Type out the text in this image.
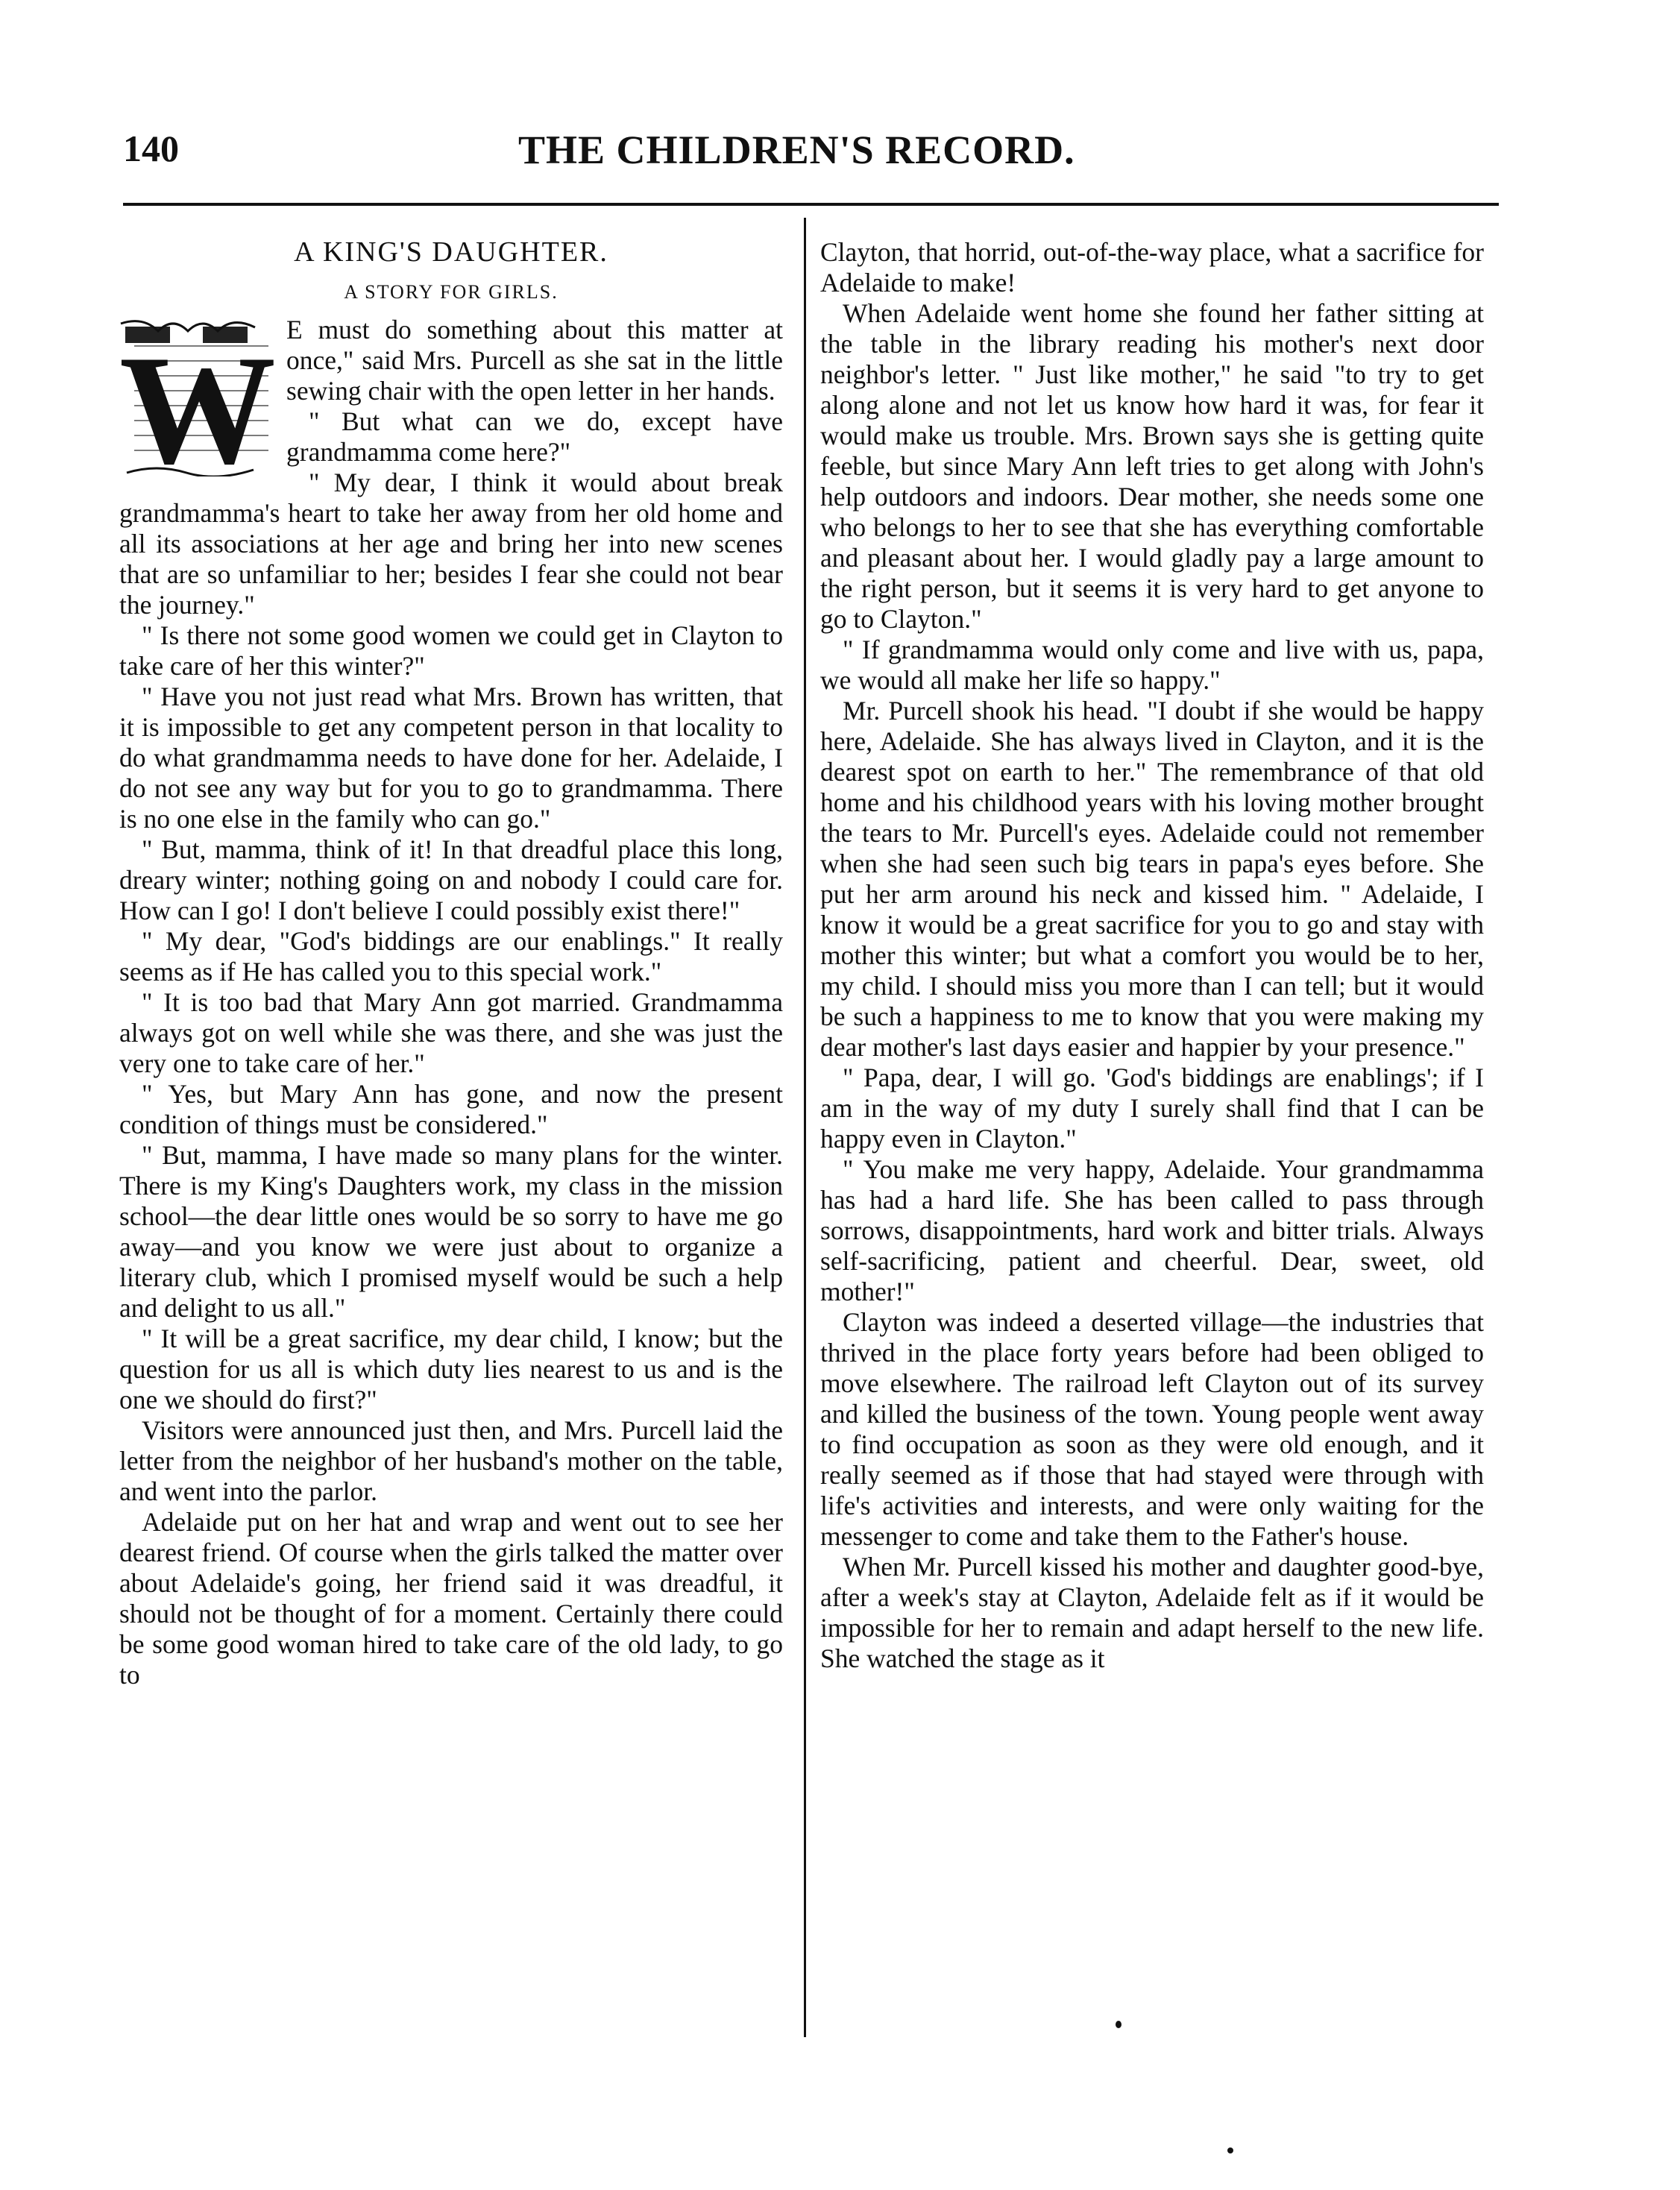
140	THE CHILDREN'S RECORD.
A KING'S DAUGHTER.
A STORY FOR GIRLS.
W E must do something about this matter at once," said Mrs. Purcell as she sat in the little sewing chair with the open letter in her hands.

" But what can we do, except have grandmamma come here?"

" My dear, I think it would about break grandmamma's heart to take her away from her old home and all its associations at her age and bring her into new scenes that are so unfamiliar to her; besides I fear she could not bear the journey."

" Is there not some good women we could get in Clayton to take care of her this winter?"

" Have you not just read what Mrs. Brown has written, that it is impossible to get any competent person in that locality to do what grandmamma needs to have done for her. Adelaide, I do not see any way but for you to go to grandmamma. There is no one else in the family who can go."

" But, mamma, think of it! In that dreadful place this long, dreary winter; nothing going on and nobody I could care for. How can I go! I don't believe I could possibly exist there!"

" My dear, "God's biddings are our enablings." It really seems as if He has called you to this special work."

" It is too bad that Mary Ann got married. Grandmamma always got on well while she was there, and she was just the very one to take care of her."

" Yes, but Mary Ann has gone, and now the present condition of things must be considered."

" But, mamma, I have made so many plans for the winter. There is my King's Daughters work, my class in the mission school—the dear little ones would be so sorry to have me go away—and you know we were just about to organize a literary club, which I promised myself would be such a help and delight to us all."

" It will be a great sacrifice, my dear child, I know; but the question for us all is which duty lies nearest to us and is the one we should do first?"

Visitors were announced just then, and Mrs. Purcell laid the letter from the neighbor of her husband's mother on the table, and went into the parlor.

Adelaide put on her hat and wrap and went out to see her dearest friend. Of course when the girls talked the matter over about Adelaide's going, her friend said it was dreadful, it should not be thought of for a moment. Certainly there could be some good woman hired to take care of the old lady, to go to

Clayton, that horrid, out-of-the-way place, what a sacrifice for Adelaide to make!

When Adelaide went home she found her father sitting at the table in the library reading his mother's next door neighbor's letter. " Just like mother," he said "to try to get along alone and not let us know how hard it was, for fear it would make us trouble. Mrs. Brown says she is getting quite feeble, but since Mary Ann left tries to get along with John's help outdoors and indoors. Dear mother, she needs some one who belongs to her to see that she has everything comfortable and pleasant about her. I would gladly pay a large amount to the right person, but it seems it is very hard to get anyone to go to Clayton."

" If grandmamma would only come and live with us, papa, we would all make her life so happy."

Mr. Purcell shook his head. "I doubt if she would be happy here, Adelaide. She has always lived in Clayton, and it is the dearest spot on earth to her." The remembrance of that old home and his childhood years with his loving mother brought the tears to Mr. Purcell's eyes. Adelaide could not remember when she had seen such big tears in papa's eyes before. She put her arm around his neck and kissed him. " Adelaide, I know it would be a great sacrifice for you to go and stay with mother this winter; but what a comfort you would be to her, my child. I should miss you more than I can tell; but it would be such a happiness to me to know that you were making my dear mother's last days easier and happier by your presence."

" Papa, dear, I will go. 'God's biddings are enablings'; if I am in the way of my duty I surely shall find that I can be happy even in Clayton."

" You make me very happy, Adelaide. Your grandmamma has had a hard life. She has been called to pass through sorrows, disappointments, hard work and bitter trials. Always self-sacrificing, patient and cheerful. Dear, sweet, old mother!"

Clayton was indeed a deserted village—the industries that thrived in the place forty years before had been obliged to move elsewhere. The railroad left Clayton out of its survey and killed the business of the town. Young people went away to find occupation as soon as they were old enough, and it really seemed as if those that had stayed were through with life's activities and interests, and were only waiting for the messenger to come and take them to the Father's house.

When Mr. Purcell kissed his mother and daughter good-bye, after a week's stay at Clayton, Adelaide felt as if it would be impossible for her to remain and adapt herself to the new life. She watched the stage as it
